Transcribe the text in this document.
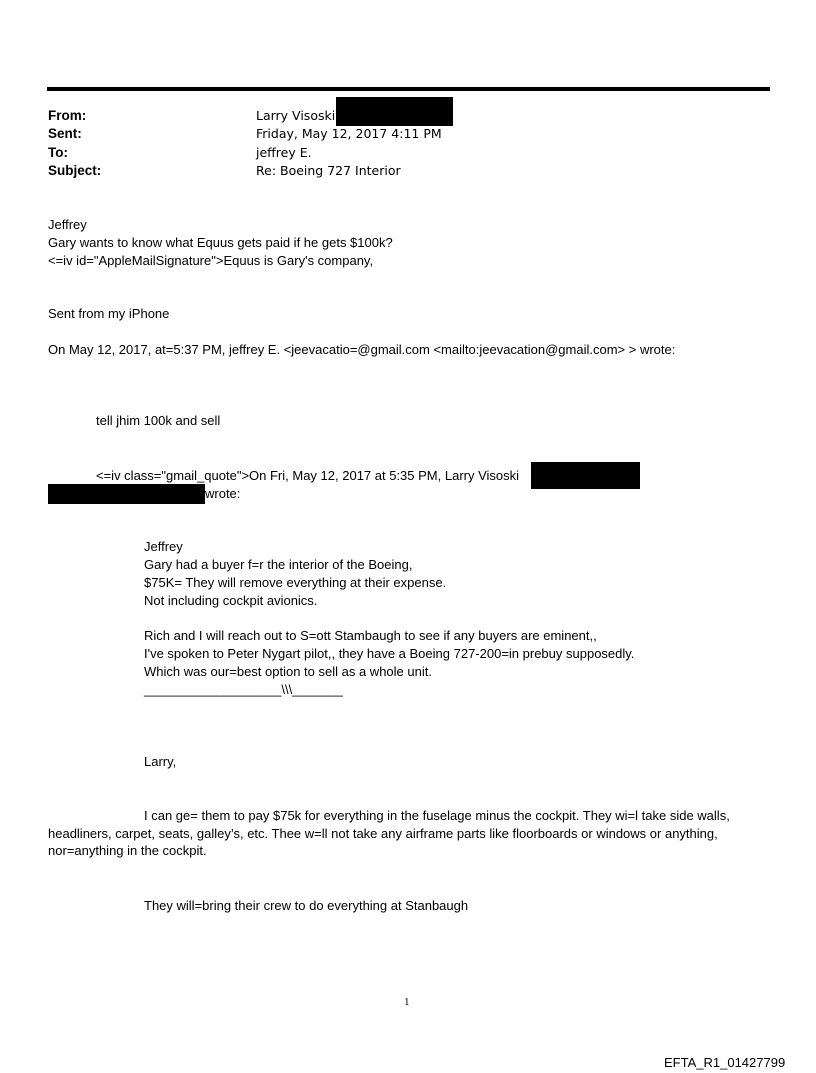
From:	Larry Visoski
Sent:	Friday, May 12, 2017 4:11 PM
To:	jeffrey E.
Subject:	Re: Boeing 727 Interior
Jeffrey
Gary wants to know what Equus gets paid if he gets $100k?
<=iv id="AppleMailSignature">Equus is Gary's company,
Sent from my iPhone
On May 12, 2017, at=5:37 PM, jeffrey E. <jeevacatio=@gmail.com <mailto:jeevacation@gmail.com> > wrote:
tell jhim 100k and sell
<=iv class="gmail_quote">On Fri, May 12, 2017 at 5:35 PM, Larry Visoski
wrote:
Jeffrey
Gary had a buyer f=r the interior of the Boeing,
$75K= They will remove everything at their expense.
Not including cockpit avionics.
Rich and I will reach out to S=ott Stambaugh to see if any buyers are eminent,,
I've spoken to Peter Nygart pilot,, they have a Boeing 727-200=in prebuy supposedly.
Which was our=best option to sell as a whole unit.
___________________\\\_______
Larry,
I can ge= them to pay $75k for everything in the fuselage minus the cockpit. They wi=l take side walls, headliners, carpet, seats, galley’s, etc. Thee w=ll not take any airframe parts like floorboards or windows or anything, nor=anything in the cockpit.
They will=bring their crew to do everything at Stanbaugh
1
EFTA_R1_01427799
